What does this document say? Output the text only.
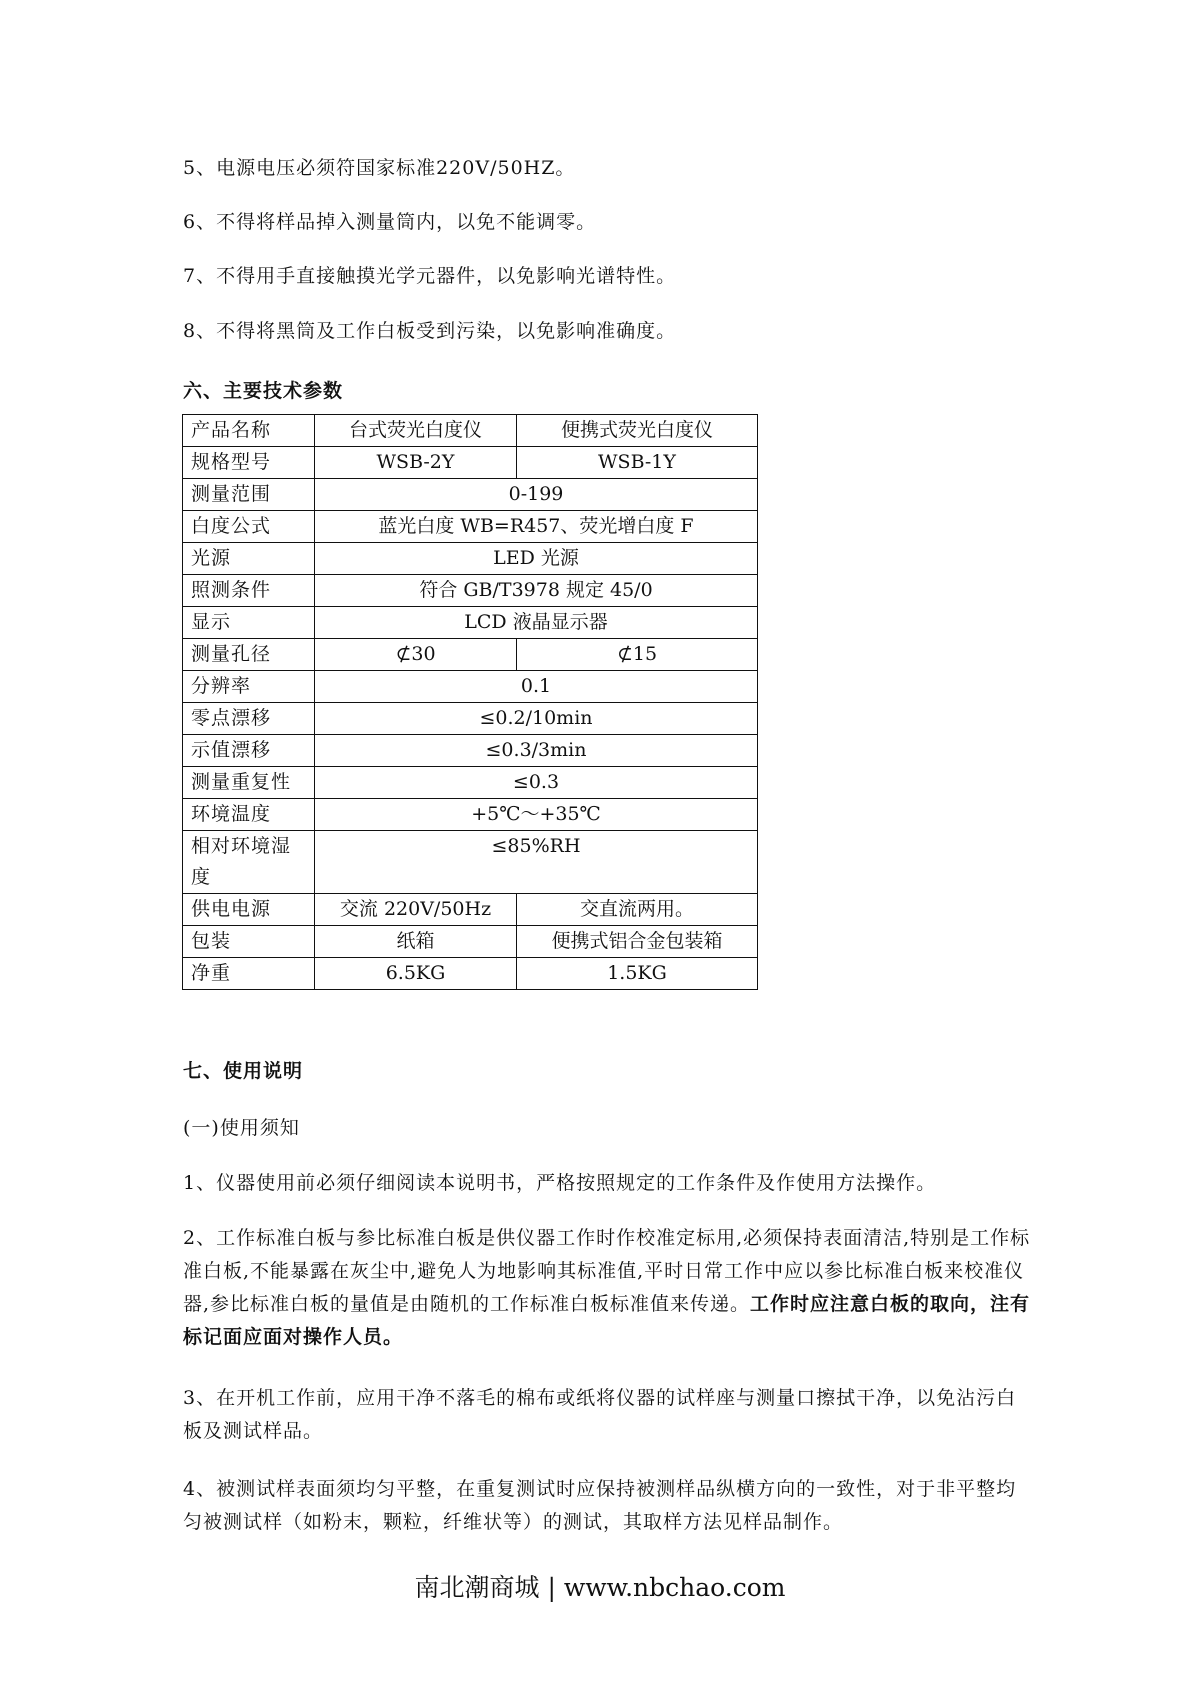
5、电源电压必须符国家标准220V/50HZ。

6、不得将样品掉入测量筒内，以免不能调零。

7、不得用手直接触摸光学元器件，以免影响光谱特性。

8、不得将黑筒及工作白板受到污染，以免影响准确度。

六、主要技术参数

产品名称	台式荧光白度仪	便携式荧光白度仪
规格型号	WSB-2Y	WSB-1Y
测量范围	0-199	
白度公式	蓝光白度 WB=R457、荧光增白度 F	
光源	LED 光源	
照测条件	符合 GB/T3978 规定 45/0	
显示	LCD 液晶显示器	
测量孔径	⊄30	⊄15
分辨率	0.1	
零点漂移	≤0.2/10min	
示值漂移	≤0.3/3min	
测量重复性	≤0.3	
环境温度	+5℃～+35℃	
相对环境湿度	≤85%RH	
供电电源	交流 220V/50Hz	交直流两用。
包装	纸箱	便携式铝合金包装箱
净重	6.5KG	1.5KG

七、使用说明

(一)使用须知

1、仪器使用前必须仔细阅读本说明书，严格按照规定的工作条件及作使用方法操作。

2、工作标准白板与参比标准白板是供仪器工作时作校准定标用,必须保持表面清洁,特别是工作标准白板,不能暴露在灰尘中,避免人为地影响其标准值,平时日常工作中应以参比标准白板来校准仪器,参比标准白板的量值是由随机的工作标准白板标准值来传递。工作时应注意白板的取向，注有标记面应面对操作人员。

3、在开机工作前，应用干净不落毛的棉布或纸将仪器的试样座与测量口擦拭干净，以免沾污白板及测试样品。

4、被测试样表面须均匀平整，在重复测试时应保持被测样品纵横方向的一致性，对于非平整均匀被测试样（如粉末，颗粒，纤维状等）的测试，其取样方法见样品制作。

南北潮商城 | www.nbchao.com
